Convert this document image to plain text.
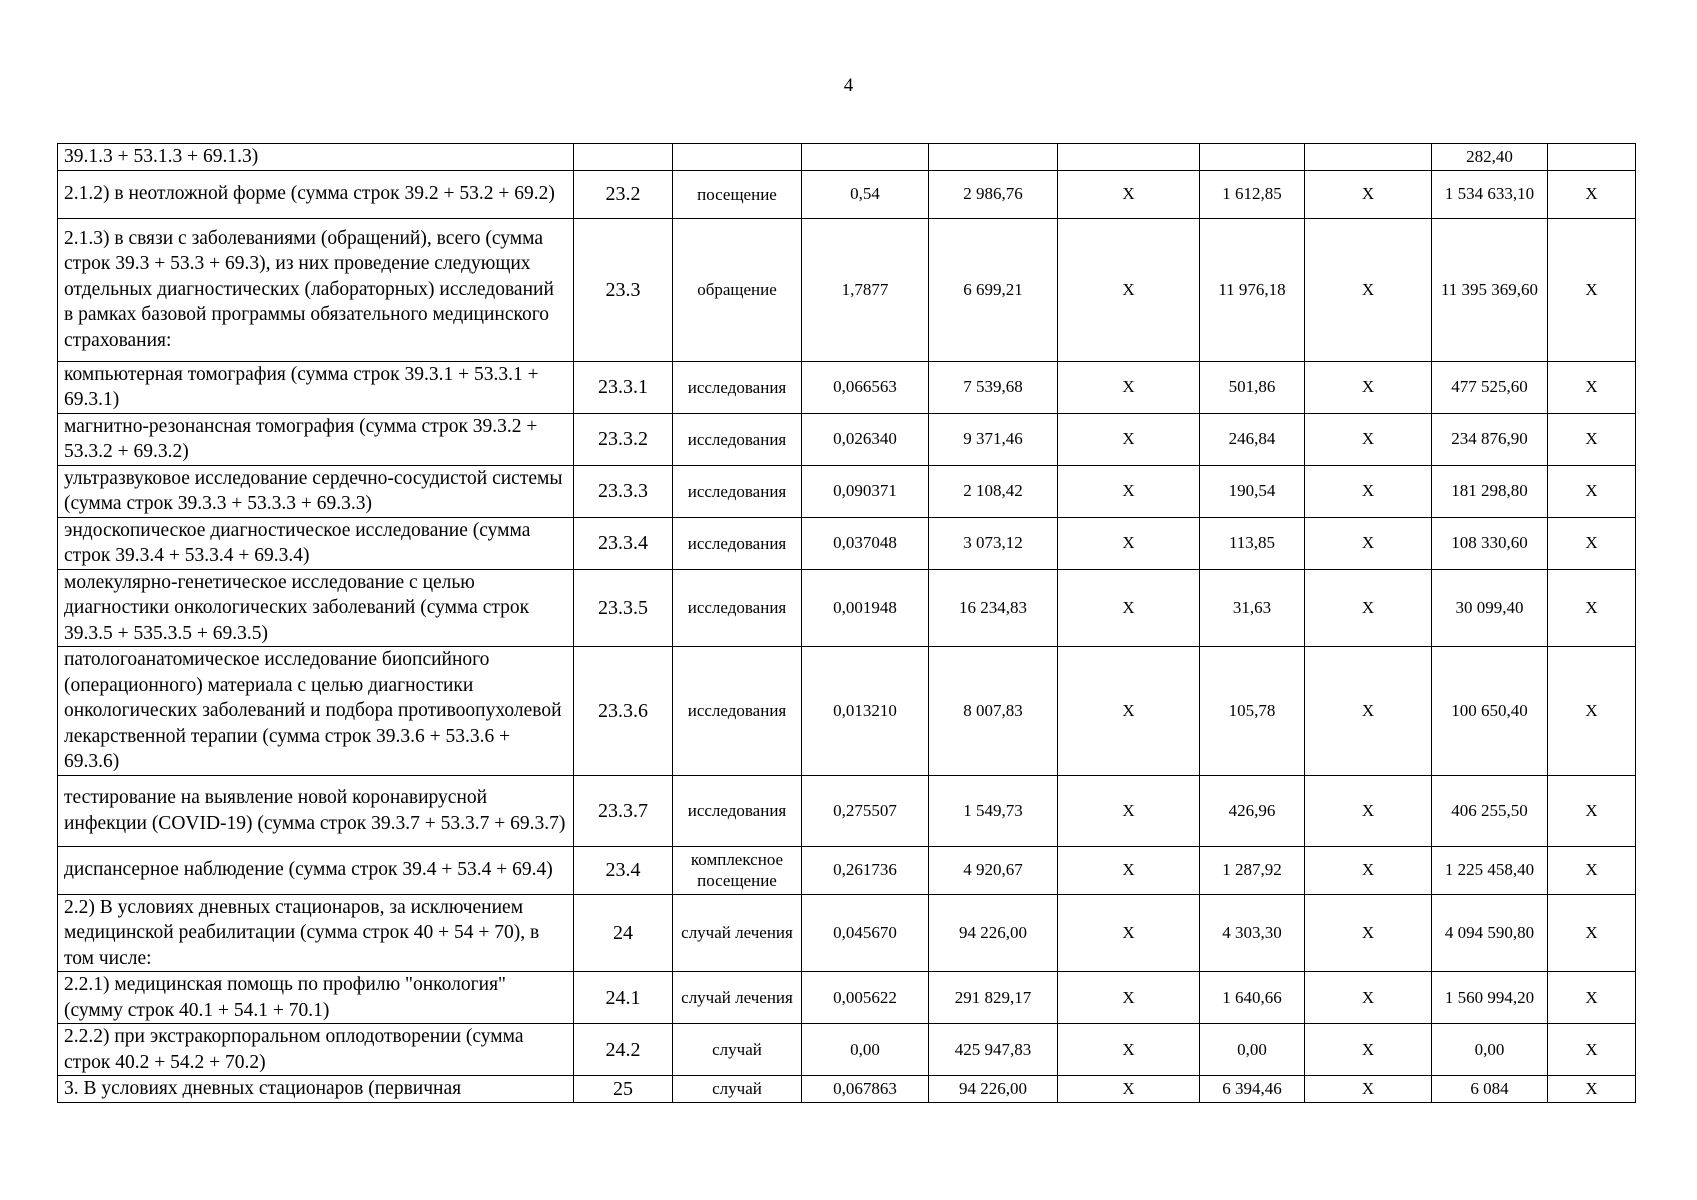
4
39.1.3 + 53.1.3 + 69.1.3)								282,40	
2.1.2) в неотложной форме (сумма строк 39.2 + 53.2 + 69.2)	23.2	посещение	0,54	2 986,76	Х	1 612,85	Х	1 534 633,10	Х
2.1.3) в связи с заболеваниями (обращений), всего (сумма строк 39.3 + 53.3 + 69.3), из них проведение следующих отдельных диагностических (лабораторных) исследований в рамках базовой программы обязательного медицинского страхования:	23.3	обращение	1,7877	6 699,21	Х	11 976,18	Х	11 395 369,60	Х
компьютерная томография (сумма строк 39.3.1 + 53.3.1 + 69.3.1)	23.3.1	исследования	0,066563	7 539,68	Х	501,86	Х	477 525,60	Х
магнитно-резонансная томография (сумма строк 39.3.2 + 53.3.2 + 69.3.2)	23.3.2	исследования	0,026340	9 371,46	Х	246,84	Х	234 876,90	Х
ультразвуковое исследование сердечно-сосудистой системы (сумма строк 39.3.3 + 53.3.3 + 69.3.3)	23.3.3	исследования	0,090371	2 108,42	Х	190,54	Х	181 298,80	Х
эндоскопическое диагностическое исследование (сумма строк 39.3.4 + 53.3.4 + 69.3.4)	23.3.4	исследования	0,037048	3 073,12	Х	113,85	Х	108 330,60	Х
молекулярно-генетическое исследование с целью диагностики онкологических заболеваний (сумма строк 39.3.5 + 535.3.5 + 69.3.5)	23.3.5	исследования	0,001948	16 234,83	Х	31,63	Х	30 099,40	Х
патологоанатомическое исследование биопсийного (операционного) материала с целью диагностики онкологических заболеваний и подбора противоопухолевой лекарственной терапии (сумма строк 39.3.6 + 53.3.6 + 69.3.6)	23.3.6	исследования	0,013210	8 007,83	Х	105,78	Х	100 650,40	Х
тестирование на выявление новой коронавирусной инфекции (COVID-19) (сумма строк 39.3.7 + 53.3.7 + 69.3.7)	23.3.7	исследования	0,275507	1 549,73	Х	426,96	Х	406 255,50	Х
диспансерное наблюдение (сумма строк 39.4 + 53.4 + 69.4)	23.4	комплексное посещение	0,261736	4 920,67	Х	1 287,92	Х	1 225 458,40	Х
2.2) В условиях дневных стационаров, за исключением медицинской реабилитации (сумма строк 40 + 54 + 70), в том числе:	24	случай лечения	0,045670	94 226,00	Х	4 303,30	Х	4 094 590,80	Х
2.2.1) медицинская помощь по профилю "онкология" (сумму строк 40.1 + 54.1 + 70.1)	24.1	случай лечения	0,005622	291 829,17	Х	1 640,66	Х	1 560 994,20	Х
2.2.2) при экстракорпоральном оплодотворении (сумма строк 40.2 + 54.2 + 70.2)	24.2	случай	0,00	425 947,83	Х	0,00	Х	0,00	Х
3. В условиях дневных стационаров (первичная	25	случай	0,067863	94 226,00	Х	6 394,46	Х	6 084	Х
